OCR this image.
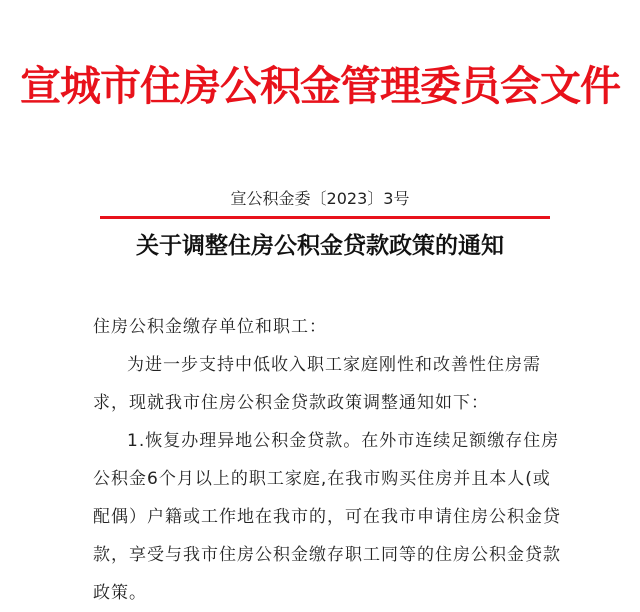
宣城市住房公积金管理委员会文件
宣公积金委〔2023〕3号
关于调整住房公积金贷款政策的通知
住房公积金缴存单位和职工：
为进一步支持中低收入职工家庭刚性和改善性住房需
求，现就我市住房公积金贷款政策调整通知如下：
1.恢复办理异地公积金贷款。在外市连续足额缴存住房
公积金6个月以上的职工家庭,在我市购买住房并且本人(或
配偶）户籍或工作地在我市的，可在我市申请住房公积金贷
款，享受与我市住房公积金缴存职工同等的住房公积金贷款
政策。
